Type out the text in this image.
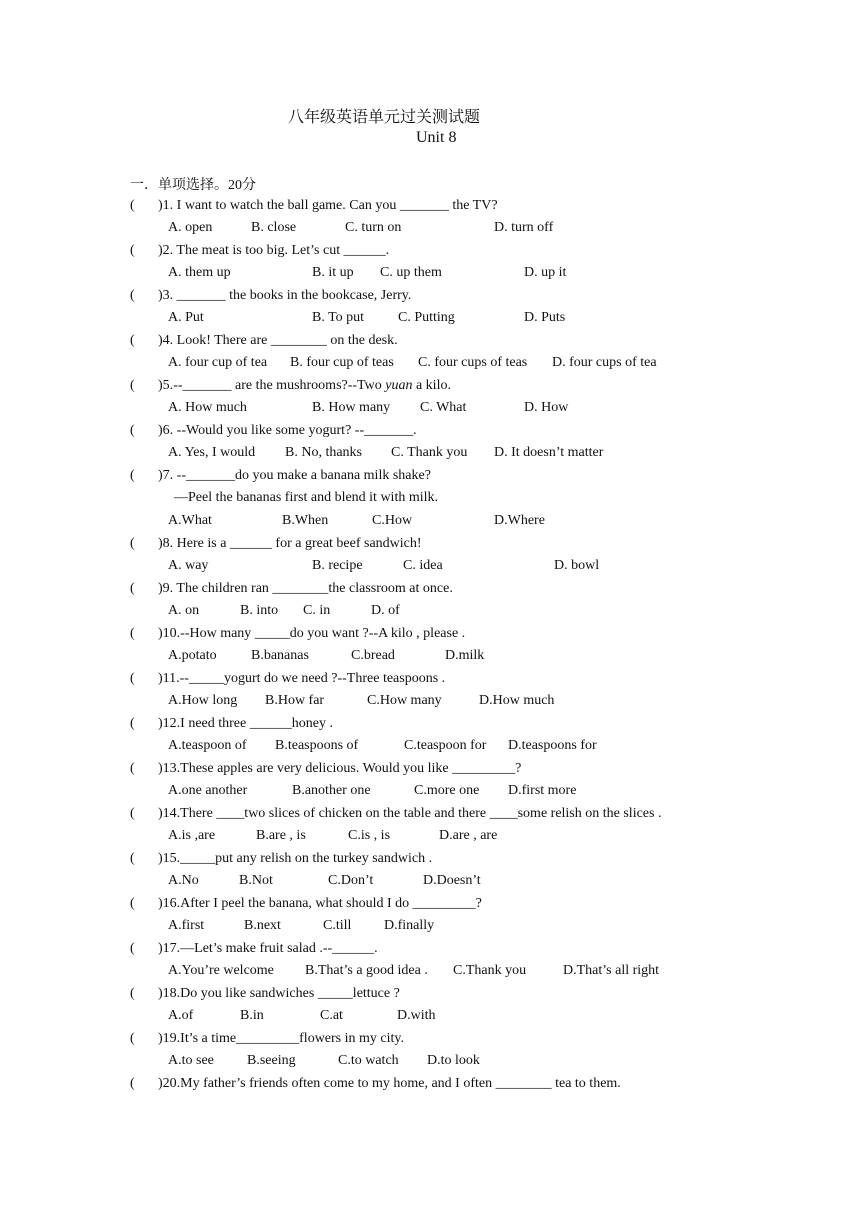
八年级英语单元过关测试题
Unit 8
一．单项选择。20分
( )1. I want to watch the ball game. Can you _______ the TV?
A. open	B. close	C. turn on	D. turn off
( )2. The meat is too big. Let’s cut ______.
A. them up	B. it up C. up them	D. up it
( )3. _______ the books in the bookcase, Jerry.
A. Put	B. To put C. Putting	D. Puts
( )4. Look! There are ________ on the desk.
A. four cup of tea B. four cup of teas C. four cups of teas D. four cups of tea
( )5.--_______ are the mushrooms?--Two yuan a kilo.
A. How much	B. How many C. What	D. How
( )6. --Would you like some yogurt? --_______.
A. Yes, I would B. No, thanks C. Thank you D. It doesn’t matter
( )7. --_______do you make a banana milk shake?
—Peel the bananas first and blend it with milk.
A.What	B.When	C.How	D.Where
( )8. Here is a ______ for a great beef sandwich!
A. way	B. recipe	C. idea	D. bowl
( )9. The children ran ________the classroom at once.
A. on	B. into C. in	D. of
( )10.--How many _____do you want ?--A kilo , please .
A.potato B.bananas	C.bread	D.milk
( )11.--_____yogurt do we need ?--Three teaspoons .
A.How long B.How far	C.How many	D.How much
( )12.I need three ______honey .
A.teaspoon of B.teaspoons of	C.teaspoon for D.teaspoons for
( )13.These apples are very delicious. Would you like _________?
A.one another	B.another one	C.more one D.first more
( )14.There ____two slices of chicken on the table and there ____some relish on the slices .
A.is ,are	B.are , is	C.is , is	D.are , are
( )15._____put any relish on the turkey sandwich .
A.No	B.Not	C.Don’t	D.Doesn’t
( )16.After I peel the banana, what should I do _________?
A.first	B.next	C.till D.finally
( )17.—Let’s make fruit salad .--______.
A.You’re welcome B.That’s a good idea . C.Thank you	D.That’s all right
( )18.Do you like sandwiches _____lettuce ?
A.of	B.in	C.at	D.with
( )19.It’s a time_________flowers in my city.
A.to see B.seeing	C.to watch D.to look
( )20.My father’s friends often come to my home, and I often ________ tea to them.
